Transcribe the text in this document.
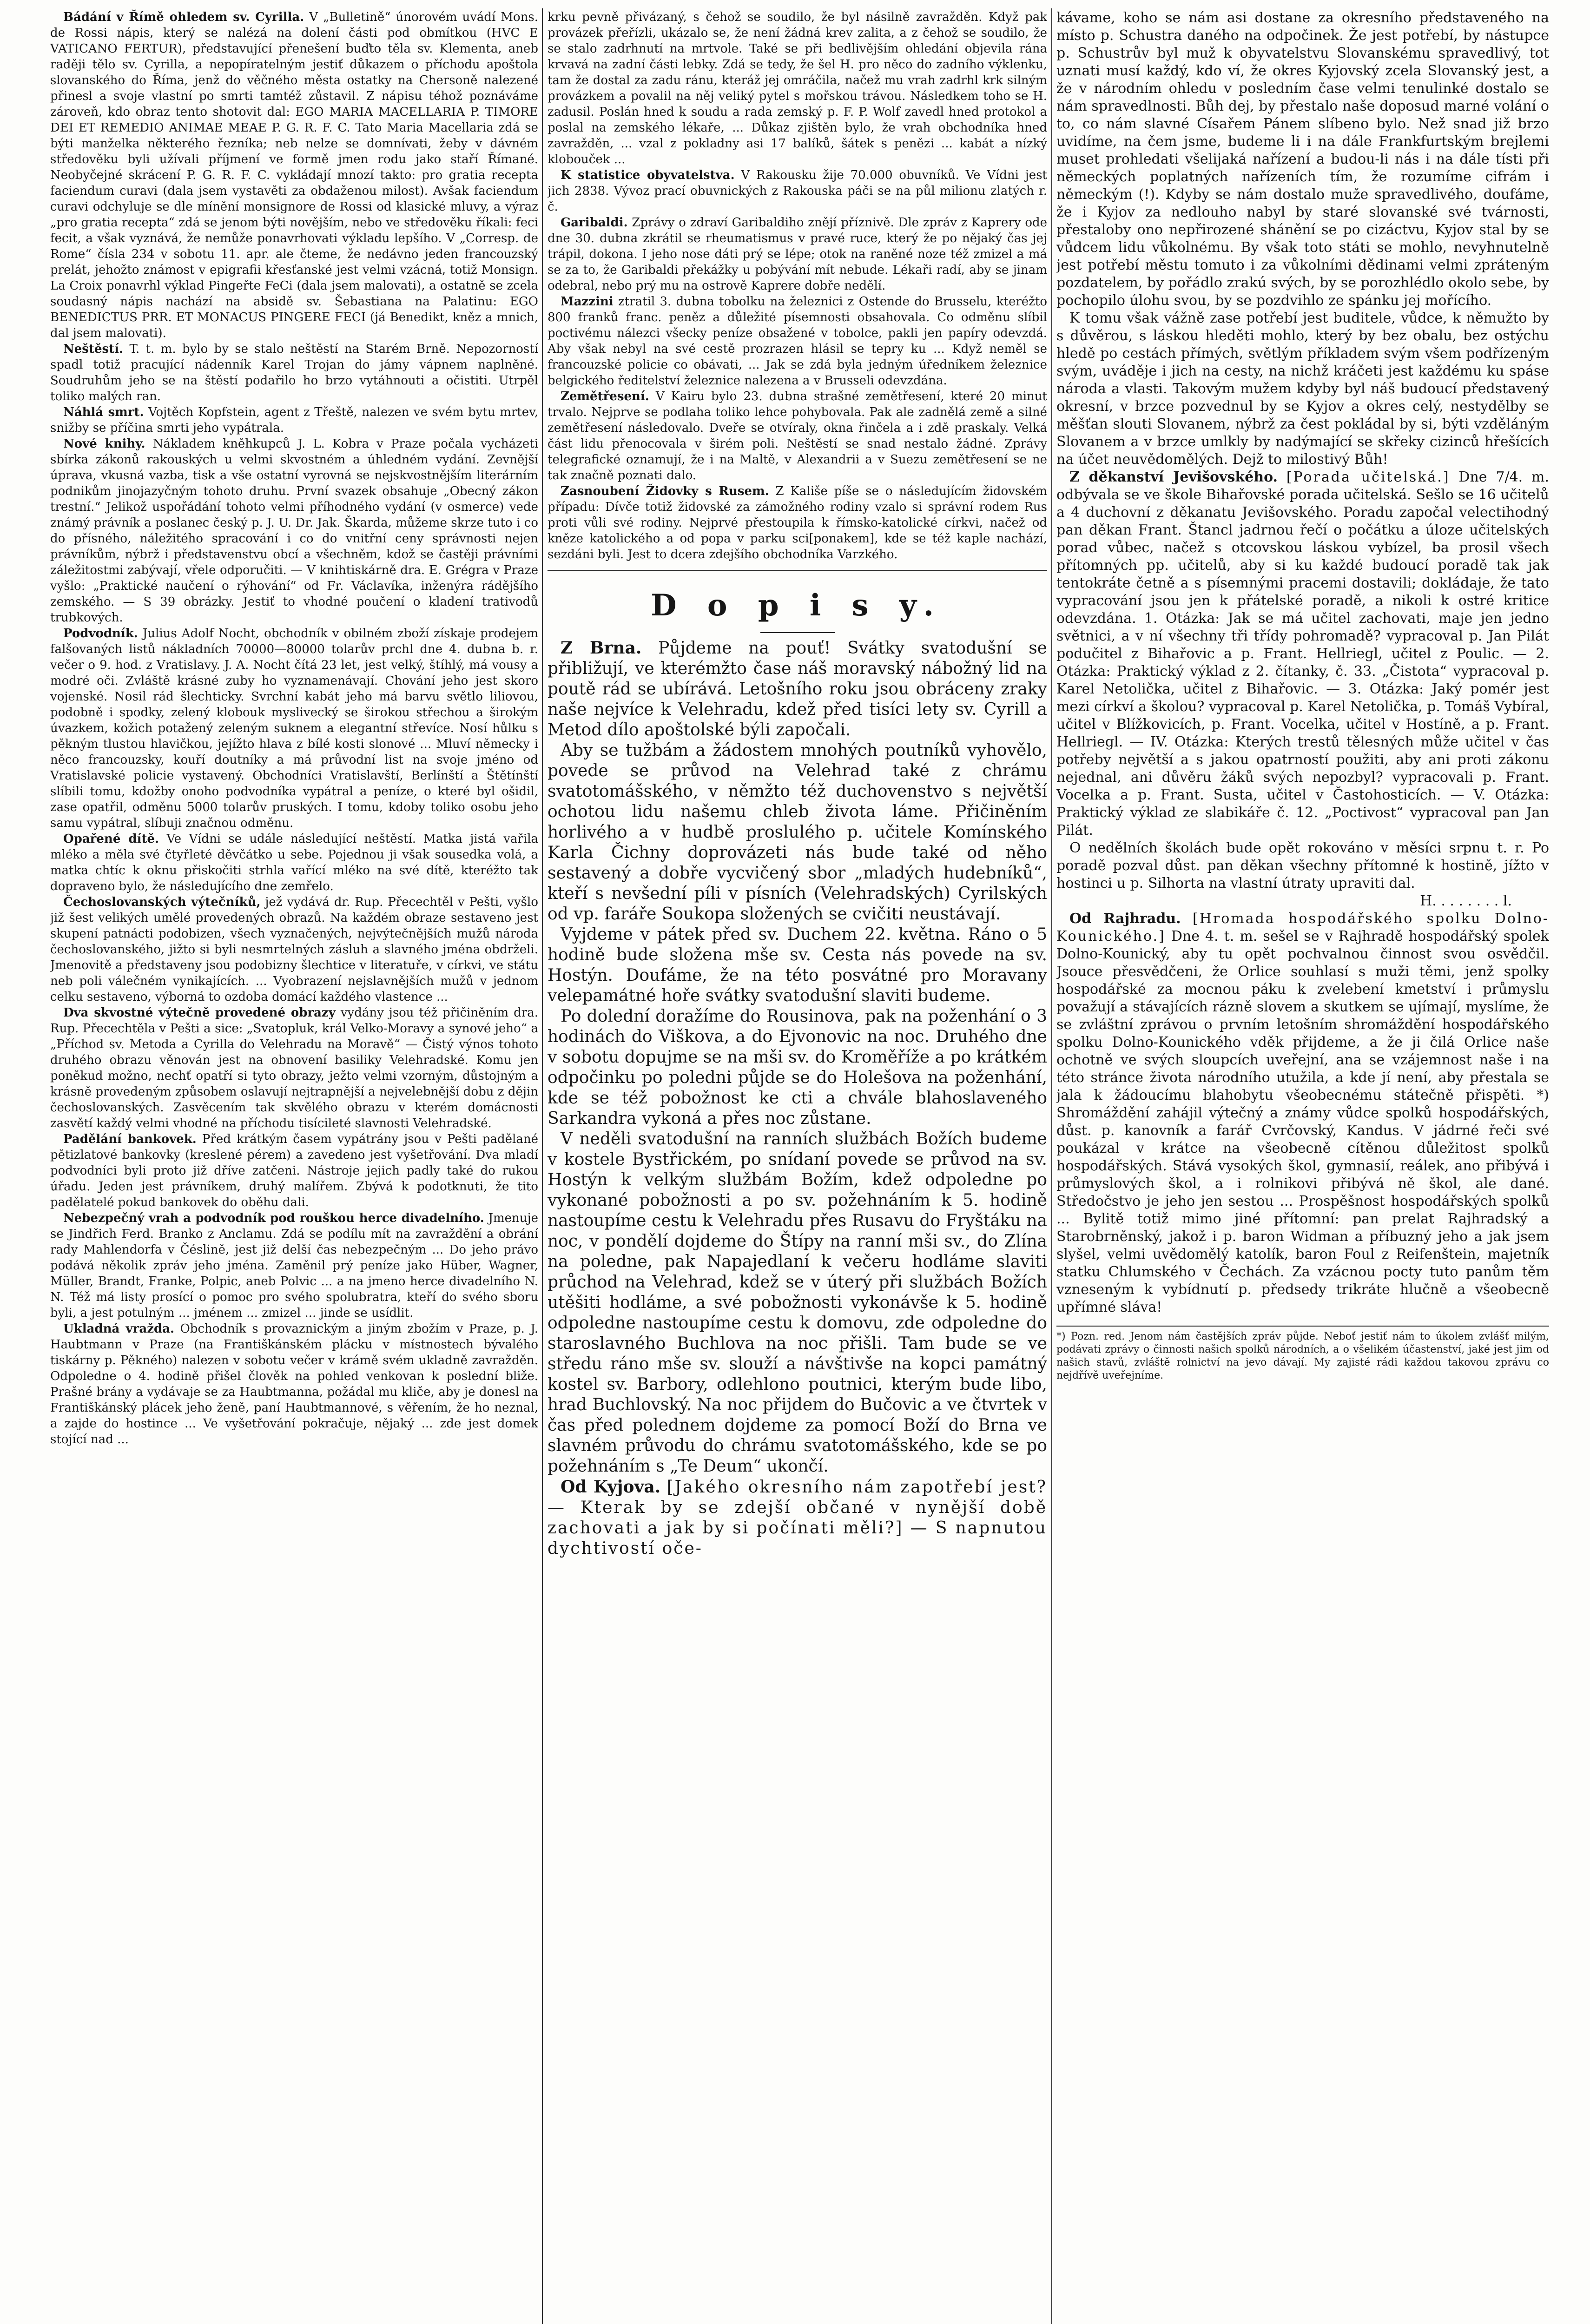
Bádání v Římě ohledem sv. Cyrilla. V „Bulletině“ únorovém uvádí Mons. de Rossi nápis, který se nalézá na dolení části pod obmítkou (HVC E VATICANO FERTUR), představující přenešení buďto těla sv. Klementa, aneb raději tělo sv. Cyrilla, a nepopíratelným jestiť důkazem o příchodu apoštola slovanského do Říma, jenž do věčného města ostatky na Chersoně nalezené přinesl a svoje vlastní po smrti tamtéž zůstavil. Z nápisu téhož poznáváme zároveň, kdo obraz tento shotovit dal: EGO MARIA MACELLARIA P. TIMORE DEI ET REMEDIO ANIMAE MEAE P. G. R. F. C. Tato Maria Macellaria zdá se býti manželka některého řezníka; neb nelze se domnívati, žeby v dávném středověku byli užívali příjmení ve formě jmen rodu jako staří Římané. Neobyčejné skrácení P. G. R. F. C. vykládají mnozí takto: pro gratia recepta faciendum curavi (dala jsem vystavěti za obdaženou milost). Avšak faciendum curavi odchyluje se dle mínění monsignore de Rossi od klasické mluvy, a výraz „pro gratia recepta“ zdá se jenom býti novějším, nebo ve středověku říkali: feci fecit, a však vyznává, že nemůže ponavrhovati výkladu lepšího. V „Corresp. de Rome“ čísla 234 v sobotu 11. apr. ale čteme, že nedávno jeden francouzský prelát, jehožto známost v epigrafii křesťanské jest velmi vzácná, totiž Monsign. La Croix ponavrhl výklad Pingeřte FeCi (dala jsem malovati), a ostatně se zcela soudasný nápis nachází na absidě sv. Šebastiana na Palatinu: EGO BENEDICTUS PRR. ET MONACUS PINGERE FECI (já Benedikt, kněz a mnich, dal jsem malovati).

Neštěstí. T. t. m. bylo by se stalo neštěstí na Starém Brně. Nepozorností spadl totiž pracující nádenník Karel Trojan do jámy vápnem naplněné. Soudruhům jeho se na štěstí podařilo ho brzo vytáhnouti a očistiti. Utrpěl toliko malých ran.

Náhlá smrt. Vojtěch Kopfstein, agent z Třeště, nalezen ve svém bytu mrtev, snižby se příčina smrti jeho vypátrala.

Nové knihy. Nákladem kněhkupců J. L. Kobra v Praze počala vycházeti sbírka zákonů rakouských u velmi skvostném a úhledném vydání. Zevnější úprava, vkusná vazba, tisk a vše ostatní vyrovná se nejskvostnějším literárním podnikům jinojazyčným tohoto druhu. První svazek obsahuje „Obecný zákon trestní.“ Jelikož uspořádání tohoto velmi příhodného vydání (v osmerce) vede známý právník a poslanec český p. J. U. Dr. Jak. Škarda, můžeme skrze tuto i co do přísného, náležitého spracování i co do vnitřní ceny správnosti nejen právníkům, nýbrž i představenstvu obcí a všechněm, kdož se častěji právními záležitostmi zabývají, vřele odporučiti. — V knihtiskárně dra. E. Grégra v Praze vyšlo: „Praktické naučení o rýhování“ od Fr. Václavíka, inženýra rádějšího zemského. — S 39 obrázky. Jestiť to vhodné poučení o kladení trativodů trubkových.

Podvodník. Julius Adolf Nocht, obchodník v obilném zboží získaje prodejem falšovaných listů nákladních 70000—80000 tolarův prchl dne 4. dubna b. r. večer o 9. hod. z Vratislavy. J. A. Nocht čítá 23 let, jest velký, štíhlý, má vousy a modré oči. Zvláště krásné zuby ho vyznamenávají. Chování jeho jest skoro vojenské. Nosil rád šlechticky. Svrchní kabát jeho má barvu světlo liliovou, podobně i spodky, zelený klobouk myslivecký se širokou střechou a širokým úvazkem, kožich potažený zeleným suknem a elegantní střevíce. Nosí hůlku s pěkným tlustou hlavičkou, jejížto hlava z bílé kosti slonové ... Mluví německy i něco francouzsky, kouří doutníky a má průvodní list na svoje jméno od Vratislavské policie vystavený. Obchodníci Vratislavští, Berlínští a Štětínští slíbili tomu, kdožby onoho podvodníka vypátral a peníze, o které byl ošidil, zase opatřil, odměnu 5000 tolarův pruských. I tomu, kdoby toliko osobu jeho samu vypátral, slíbuji značnou odměnu.

Opařené dítě. Ve Vídni se udále následující neštěstí. Matka jistá vařila mléko a měla své čtyřleté děvčátko u sebe. Pojednou ji však sousedka volá, a matka chtíc k oknu přiskočiti strhla vařící mléko na své dítě, kteréžto tak dopraveno bylo, že následujícího dne zemřelo.

Čechoslovanských výtečníků, jež vydává dr. Rup. Přecechtěl v Pešti, vyšlo již šest velikých umělé provedených obrazů. Na každém obraze sestaveno jest skupení patnácti podobizen, všech vyznačených, nejvýtečnějších mužů národa čechoslovanského, jižto si byli nesmrtelných zásluh a slavného jména obdrželi. Jmenovitě a představeny jsou podobizny šlechtice v literatuře, v církvi, ve státu neb poli válečném vynikajících. ... Vyobrazení nejslavnějších mužů v jednom celku sestaveno, výborná to ozdoba domácí každého vlastence ...

Dva skvostné výtečně provedené obrazy vydány jsou též přičiněním dra. Rup. Přecechtěla v Pešti a sice: „Svatopluk, král Velko-Moravy a synové jeho“ a „Příchod sv. Metoda a Cyrilla do Velehradu na Moravě“ — Čistý výnos tohoto druhého obrazu věnován jest na obnovení basiliky Velehradské. Komu jen poněkud možno, nechť opatří si tyto obrazy, ježto velmi vzorným, důstojným a krásně provedeným způsobem oslavují nejtrapnější a nejvelebnější dobu z dějin čechoslovanských. Zasvěcením tak skvělého obrazu v kterém domácnosti zasvětí každý velmi vhodné na příchodu tisícileté slavnosti Velehradské.

Padělání bankovek. Před krátkým časem vypátrány jsou v Pešti padělané pětizlatové bankovky (kreslené pérem) a zavedeno jest vyšetřování. Dva mladí podvodníci byli proto již dříve zatčeni. Nástroje jejich padly také do rukou úřadu. Jeden jest právníkem, druhý malířem. Zbývá k podotknuti, že tito padělatelé pokud bankovek do oběhu dali.

Nebezpečný vrah a podvodník pod rouškou herce divadelního. Jmenuje se Jindřich Ferd. Branko z Anclamu. Zdá se podílu mít na zavraždění a obrání rady Mahlendorfa v Čéslině, jest již delší čas nebezpečným ... Do jeho právo podává několik zpráv jeho jména. Zaměnil prý peníze jako Hüber, Wagner, Müller, Brandt, Franke, Polpic, aneb Polvic ... a na jmeno herce divadelního N. N. Též má listy prosící o pomoc pro svého spolubratra, kteří do svého sboru byli, a jest potulným ... jménem ... zmizel ... jinde se usídlit.

Ukladná vražda. Obchodník s provaznickým a jiným zbožím v Praze, p. J. Haubtmann v Praze (na Františkánském plácku v místnostech bývalého tiskárny p. Pěkného) nalezen v sobotu večer v krámě svém ukladně zavražděn. Odpoledne o 4. hodině přišel člověk na pohled venkovan k poslední bliže. Prašné brány a vydávaje se za Haubtmanna, požádal mu kliče, aby je donesl na Františkánský plácek jeho ženě, paní Haubtmannové, s věřením, že ho neznal, a zajde do hostince ... Ve vyšetřování pokračuje, nějaký ... zde jest domek stojící nad ...

krku pevně přivázaný, s čehož se soudilo, že byl násilně zavražděn. Když pak provázek přeřízli, ukázalo se, že není žádná krev zalita, a z čehož se soudilo, že se stalo zadrhnutí na mrtvole. Také se při bedlivějším ohledání objevila rána krvavá na zadní části lebky. Zdá se tedy, že šel H. pro něco do zadního výklenku, tam že dostal za zadu ránu, kteráž jej omráčila, načež mu vrah zadrhl krk silným provázkem a povalil na něj veliký pytel s mořskou trávou. Následkem toho se H. zadusil. Poslán hned k soudu a rada zemský p. F. P. Wolf zavedl hned protokol a poslal na zemského lékaře, ... Důkaz zjištěn bylo, že vrah obchodníka hned zavražděn, ... vzal z pokladny asi 17 balíků, šátek s penězi ... kabát a nízký klobouček ...

K statistice obyvatelstva. V Rakousku žije 70.000 obuvníků. Ve Vídni jest jich 2838. Vývoz prací obuvnických z Rakouska páči se na půl milionu zlatých r. č.

Garibaldi. Zprávy o zdraví Garibaldiho znějí příznivě. Dle zpráv z Kaprery ode dne 30. dubna zkrátil se rheumatismus v pravé ruce, který že po nějaký čas jej trápil, dokona. I jeho nose dáti prý se lépe; otok na raněné noze též zmizel a má se za to, že Garibaldi překážky u pobývání mít nebude. Lékaři radí, aby se jinam odebral, nebo prý mu na ostrově Kaprere dobře nedělí.

Mazzini ztratil 3. dubna tobolku na železnici z Ostende do Brusselu, kteréžto 800 franků franc. peněz a důležité písemnosti obsahovala. Co odměnu slíbil poctivému nálezci všecky peníze obsažené v tobolce, pakli jen papíry odevzdá. Aby však nebyl na své cestě prozrazen hlásil se tepry ku ... Když neměl se francouzské policie co obávati, ... Jak se zdá byla jedným úředníkem železnice belgického ředitelství železnice nalezena a v Brusseli odevzdána.

Zemětřesení. V Kairu bylo 23. dubna strašné zemětřesení, které 20 minut trvalo. Nejprve se podlaha toliko lehce pohybovala. Pak ale zadnělá země a silné zemětřesení následovalo. Dveře se otvíraly, okna řinčela a i zdě praskaly. Velká část lidu přenocovala v širém poli. Neštěstí se snad nestalo žádné. Zprávy telegrafické oznamují, že i na Maltě, v Alexandrii a v Suezu zemětřesení se ne tak značně poznati dalo.

Zasnoubení Židovky s Rusem. Z Kališe píše se o následujícím židovském případu: Dívče totiž židovské za zámožného rodiny vzalo si správní rodem Rus proti vůli své rodiny. Nejprvé přestoupila k římsko-katolické církvi, načež od kněze katolického a od popa v parku sci[ponakem], kde se též kaple nachází, sezdáni byli. Jest to dcera zdejšího obchodníka Varzkého.

D o p i s y.

Z Brna. Půjdeme na pouť! Svátky svatodušní se přibližují, ve kterémžto čase náš moravský nábožný lid na poutě rád se ubírává. Letošního roku jsou obráceny zraky naše nejvíce k Velehradu, kdež před tisíci lety sv. Cyrill a Metod dílo apoštolské býli započali.

Aby se tužbám a žádostem mnohých poutníků vyhovělo, povede se průvod na Velehrad také z chrámu svatotomášského, v němžto též duchovenstvo s největší ochotou lidu našemu chleb života láme. Přičiněním horlivého a v hudbě proslulého p. učitele Komínského Karla Čichny doprovázeti nás bude také od něho sestavený a dobře vycvičený sbor „mladých hudebníků“, kteří s nevšední píli v písních (Velehradských) Cyrilských od vp. faráře Soukopa složených se cvičiti neustávají.

Vyjdeme v pátek před sv. Duchem 22. května. Ráno o 5 hodině bude složena mše sv. Cesta nás povede na sv. Hostýn. Doufáme, že na této posvátné pro Moravany velepamátné hoře svátky svatodušní slaviti budeme.

Po dolední doražíme do Rousinova, pak na poženhání o 3 hodinách do Viškova, a do Ejvonovic na noc. Druhého dne v sobotu dopujme se na mši sv. do Kroměříže a po krátkém odpočinku po poledni půjde se do Holešova na poženhání, kde se též pobožnost ke cti a chvále blahoslaveného Sarkandra vykoná a přes noc zůstane.

V neděli svatodušní na ranních službách Božích budeme v kostele Bystřickém, po snídaní povede se průvod na sv. Hostýn k velkým službám Božím, kdež odpoledne po vykonané pobožnosti a po sv. požehnáním k 5. hodině nastoupíme cestu k Velehradu přes Rusavu do Fryštáku na noc, v pondělí dojdeme do Štípy na ranní mši sv., do Zlína na poledne, pak Napajedlaní k večeru hodláme slaviti průchod na Velehrad, kdež se v úterý při službách Božích utěšiti hodláme, a své pobožnosti vykonávše k 5. hodině odpoledne nastoupíme cestu k domovu, zde odpoledne do staroslavného Buchlova na noc přišli. Tam bude se ve středu ráno mše sv. slouží a návštivše na kopci památný kostel sv. Barbory, odlehlono poutnici, kterým bude libo, hrad Buchlovský. Na noc přijdem do Bučovic a ve čtvrtek v čas před polednem dojdeme za pomocí Boží do Brna ve slavném průvodu do chrámu svatotomášského, kde se po požehnáním s „Te Deum“ ukončí.

Od Kyjova. [Jakého okresního nám zapotřebí jest? — Kterak by se zdejší občané v nynější době zachovati a jak by si počínati měli?] — S napnutou dychtivostí oče-

kávame, koho se nám asi dostane za okresního představeného na místo p. Schustra daného na odpočinek. Že jest potřebí, by nástupce p. Schustrův byl muž k obyvatelstvu Slovanskému spravedlivý, tot uznati musí každý, kdo ví, že okres Kyjovský zcela Slovanský jest, a že v národním ohledu v posledním čase velmi tenulinké dostalo se nám spravedlnosti. Bůh dej, by přestalo naše doposud marné volání o to, co nám slavné Císařem Pánem slíbeno bylo. Než snad již brzo uvidíme, na čem jsme, budeme li i na dále Frankfurtským brejlemi muset prohledati všelijaká nařízení a budou-li nás i na dále tísti při německých poplatných nařízeních tím, že rozumíme cifrám i německým (!). Kdyby se nám dostalo muže spravedlivého, doufáme, že i Kyjov za nedlouho nabyl by staré slovanské své tvárnosti, přestaloby ono nepřirozené shánění se po cizáctvu, Kyjov stal by se vůdcem lidu vůkolnému. By však toto státi se mohlo, nevyhnutelně jest potřebí městu tomuto i za vůkolními dědinami velmi zpráteným pozdatelem, by pořádlo zrakú svých, by se porozhlédlo okolo sebe, by pochopilo úlohu svou, by se pozdvihlo ze spánku jej mořícího.

K tomu však vážně zase potřebí jest buditele, vůdce, k němužto by s důvěrou, s láskou hleděti mohlo, který by bez obalu, bez ostýchu hledě po cestách přímých, světlým příkladem svým všem podřízeným svým, uváděje i jich na cesty, na nichž kráčeti jest každému ku spáse národa a vlasti. Takovým mužem kdyby byl náš budoucí představený okresní, v brzce pozvednul by se Kyjov a okres celý, nestydělby se měšťan slouti Slovanem, nýbrž za čest pokládal by si, býti vzděláným Slovanem a v brzce umlkly by nadýmající se skřeky cizinců hřešících na účet neuvědomělých. Dejž to milostivý Bůh!

Z děkanství Jevišovského. [Porada učitelská.] Dne 7/4. m. odbývala se ve škole Bihařovské porada učitelská. Sešlo se 16 učitelů a 4 duchovní z děkanatu Jevišovského. Poradu započal velectihodný pan děkan Frant. Štancl jadrnou řečí o počátku a úloze učitelských porad vůbec, načež s otcovskou láskou vybízel, ba prosil všech přítomných pp. učitelů, aby si ku každé budoucí poradě tak jak tentokráte četně a s písemnými pracemi dostavili; dokládaje, že tato vypracování jsou jen k přátelské poradě, a nikoli k ostré kritice odevzdána. 1. Otázka: Jak se má učitel zachovati, maje jen jedno světnici, a v ní všechny tři třídy pohromadě? vypracoval p. Jan Pilát podučitel z Bihařovic a p. Frant. Hellriegl, učitel z Poulic. — 2. Otázka: Praktický výklad z 2. čítanky, č. 33. „Čistota“ vypracoval p. Karel Netolička, učitel z Bihařovic. — 3. Otázka: Jaký pomér jest mezi církví a školou? vypracoval p. Karel Netolička, p. Tomáš Vybíral, učitel v Blížkovicích, p. Frant. Vocelka, učitel v Hostíně, a p. Frant. Hellriegl. — IV. Otázka: Kterých trestů tělesných může učitel v čas potřeby největší a s jakou opatrností použiti, aby ani proti zákonu nejednal, ani důvěru žáků svých nepozbyl? vypracovali p. Frant. Vocelka a p. Frant. Susta, učitel v Častohosticích. — V. Otázka: Praktický výklad ze slabikáře č. 12. „Poctivost“ vypracoval pan Jan Pilát.

O nedělních školách bude opět rokováno v měsíci srpnu t. r. Po poradě pozval důst. pan děkan všechny přítomné k hostině, jížto v hostinci u p. Silhorta na vlastní útraty upraviti dal.

H. . . . . . . . l.

Od Rajhradu. [Hromada hospodářského spolku Dolno-Kounického.] Dne 4. t. m. sešel se v Rajhradě hospodářský spolek Dolno-Kounický, aby tu opět pochvalnou činnost svou osvědčil. Jsouce přesvědčeni, že Orlice souhlasí s muži těmi, jenž spolky hospodářské za mocnou páku k zvelebení kmetství i průmyslu považují a stávajících rázně slovem a skutkem se ujímají, myslíme, že se zvláštní zprávou o prvním letošním shromáždění hospodářského spolku Dolno-Kounického vděk přijdeme, a že ji čilá Orlice naše ochotně ve svých sloupcích uveřejní, ana se vzájemnost naše i na této stránce života národního utužila, a kde jí není, aby přestala se jala k žádoucímu blahobytu všeobecnému státečně přispěti. *) Shromáždění zahájil výtečný a známy vůdce spolků hospodářských, důst. p. kanovník a farář Cvrčovský, Kandus. V jádrné řeči své poukázal v krátce na všeobecně cítěnou důležitost spolků hospodářských. Stává vysokých škol, gymnasií, reálek, ano přibývá i průmyslových škol, a i rolnikovi přibývá ně škol, ale dané. Středočstvo je jeho jen sestou ... Prospěšnost hospodářských spolků ... Bylitě totiž mimo jiné přítomní: pan prelat Rajhradský a Starobrněnský, jakož i p. baron Widman a příbuzný jeho a jak jsem slyšel, velmi uvědomělý katolík, baron Foul z Reifenštein, majetník statku Chlumského v Čechách. Za vzácnou pocty tuto panům těm vzneseným k vybídnutí p. předsedy trikráte hlučně a všeobecně upřímné sláva!

*) Pozn. red. Jenom nám častějších zpráv půjde. Neboť jestiť nám to úkolem zvlášť milým, podávati zprávy o činnosti našich spolků národních, a o všelikém účastenství, jaké jest jim od našich stavů, zvláště rolnictví na jevo dávají. My zajisté rádi každou takovou zprávu co nejdřívě uveřejníme.
